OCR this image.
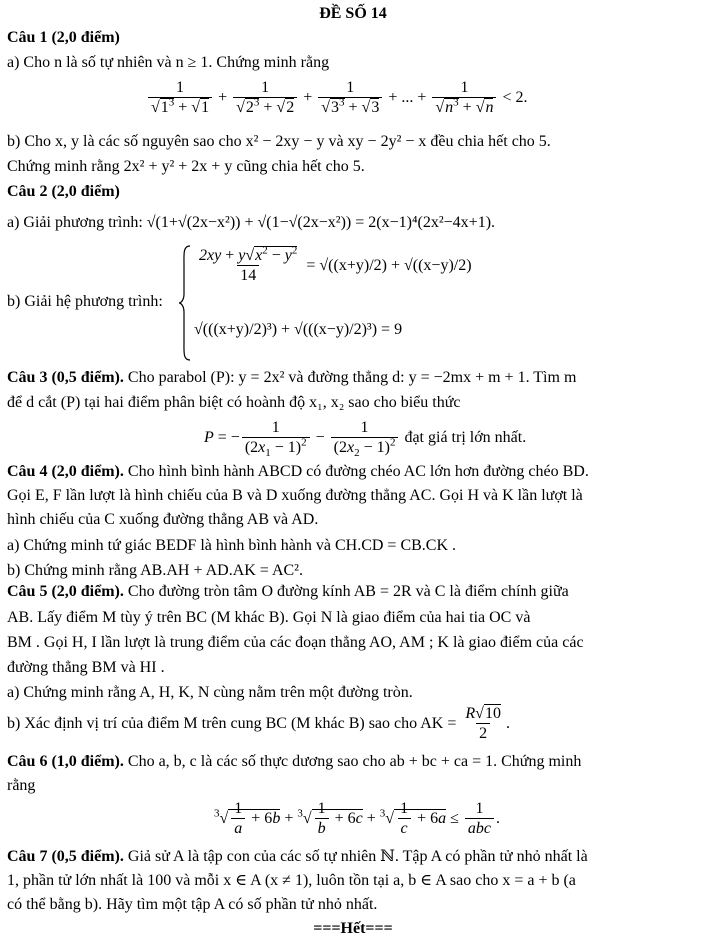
ĐỀ SỐ 14
Câu 1 (2,0 điểm)
a) Cho n là số tự nhiên và n ≥ 1. Chứng minh rằng
$\frac{1}{√1^3 + √1} + \frac{1}{√2^3 + √2} + \frac{1}{√3^3 + √3}$ + ... + $\frac{1}{√n^3 + √n} < 2$.
b) Cho x, y là các số nguyên sao cho x² − 2xy − y và xy − 2y² − x đều chia hết cho 5.
Chứng minh rằng 2x² + y² + 2x + y cũng chia hết cho 5.
Câu 2 (2,0 điểm)
a) Giải phương trình: √(1+√(2x−x²)) + √(1−√(2x−x²)) = 2(x−1)⁴(2x²−4x+1).
b) Giải hệ phương trình:
$\frac{2xy + y√x^2 - y^2}{14} = √((x+y)/2) + √((x-y)/2)$
√(((x+y)/2)³) + √(((x−y)/2)³) = 9
Câu 3 (0,5 điểm). Cho parabol (P): y = 2x² và đường thẳng d: y = −2mx + m + 1. Tìm m
để d cắt (P) tại hai điểm phân biệt có hoành độ x₁, x₂ sao cho biểu thức
P = − $\frac{1}{(2x_1 - 1)^2} - \frac{1}{(2x_2 - 1)^2}$ đạt giá trị lớn nhất.
Câu 4 (2,0 điểm). Cho hình bình hành ABCD có đường chéo AC lớn hơn đường chéo BD.
Gọi E, F lần lượt là hình chiếu của B và D xuống đường thẳng AC. Gọi H và K lần lượt là
hình chiếu của C xuống đường thẳng AB và AD.
a) Chứng minh tứ giác BEDF là hình bình hành và CH.CD = CB.CK .
b) Chứng minh rằng AB.AH + AD.AK = AC².
Câu 5 (2,0 điểm). Cho đường tròn tâm O đường kính AB = 2R và C là điểm chính giữa
AB. Lấy điểm M tùy ý trên BC (M khác B). Gọi N là giao điểm của hai tia OC và
BM . Gọi H, I lần lượt là trung điểm của các đoạn thẳng AO, AM ; K là giao điểm của các
đường thẳng BM và HI .
a) Chứng minh rằng A, H, K, N cùng nằm trên một đường tròn.
b) Xác định vị trí của điểm M trên cung BC (M khác B) sao cho AK = $\frac{R√10}{2}$ .
Câu 6 (1,0 điểm). Cho a, b, c là các số thực dương sao cho ab + bc + ca = 1. Chứng minh
rằng
$^3√ \frac{1}{a} + 6b + ^3√ \frac{1}{b} + 6c + ^3√ \frac{1}{c} + 6a \le \frac{1}{\text{abc}}$ .
Câu 7 (0,5 điểm). Giả sử A là tập con của các số tự nhiên ℕ. Tập A có phần tử nhỏ nhất là
1, phần tử lớn nhất là 100 và mỗi x ∈ A (x ≠ 1), luôn tồn tại a, b ∈ A sao cho x = a + b (a
có thể bằng b). Hãy tìm một tập A có số phần tử nhỏ nhất.
===Hết===
